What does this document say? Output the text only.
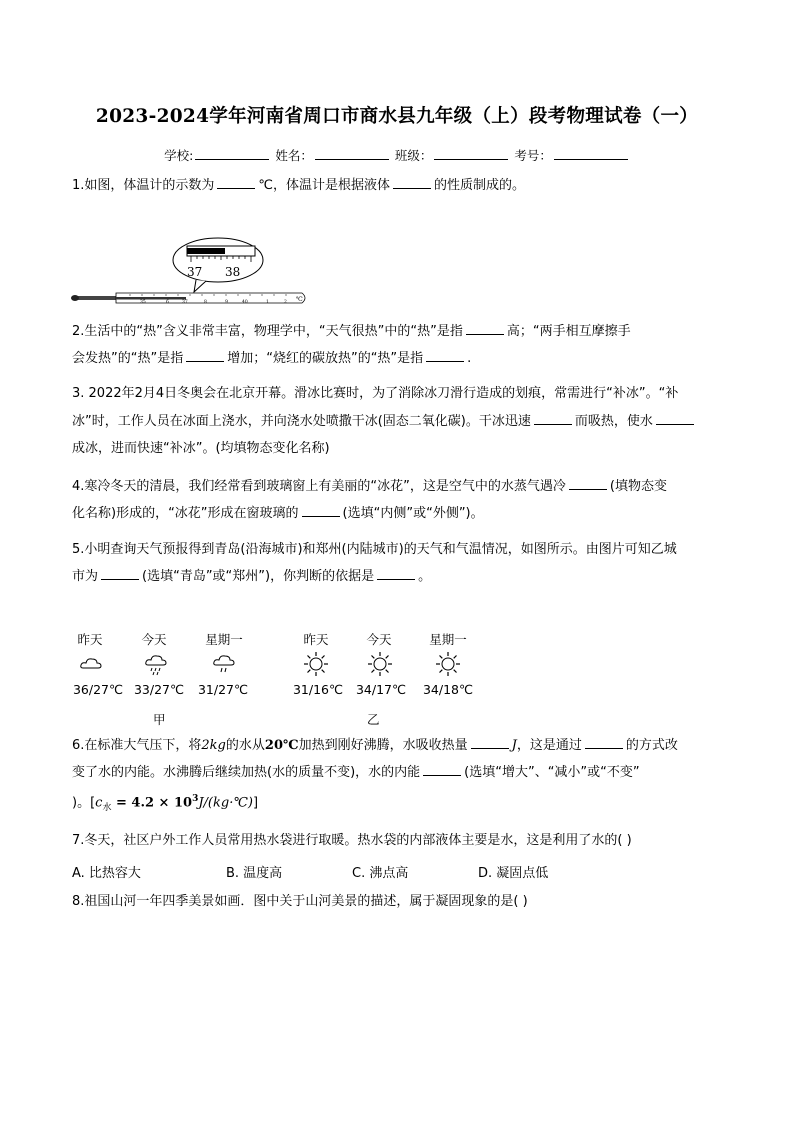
2023-2024学年河南省周口市商水县九年级（上）段考物理试卷（一）
学校:	姓名：	班级：	考号：
1.如图，体温计的示数为	℃，体温计是根据液体	的性质制成的。
37 38
35	6	37	8	9	40	1	2 ℃
2.生活中的“热”含义非常丰富，物理学中，“天气很热”中的“热”是指	高；“两手相互摩擦手
会发热”的“热”是指	增加；“烧红的碳放热”的“热”是指	.
3. 2022年2月4日冬奥会在北京开幕。滑冰比赛时，为了消除冰刀滑行造成的划痕，常需进行“补冰”。“补
冰”时，工作人员在冰面上浇水，并向浇水处喷撒干冰(固态二氧化碳)。干冰迅速	而吸热，使水
成冰，进而快速“补冰”。(均填物态变化名称)
4.寒冷冬天的清晨，我们经常看到玻璃窗上有美丽的“冰花”，这是空气中的水蒸气遇冷	(填物态变
化名称)形成的，“冰花”形成在窗玻璃的	(选填“内侧”或“外侧”)。
5.小明查询天气预报得到青岛(沿海城市)和郑州(内陆城市)的天气和气温情况，如图所示。由图片可知乙城
市为	(选填“青岛”或“郑州”)，你判断的依据是	。
昨天	今天	星期一
36/27℃ 33/27℃ 31/27℃
甲
昨天	今天	星期一
31/16℃ 34/17℃ 34/18℃
乙
6.在标准大气压下，将2kg的水从20℃加热到刚好沸腾，水吸收热量	J，这是通过	的方式改
变了水的内能。水沸腾后继续加热(水的质量不变)，水的内能	(选填“增大”、“减小”或“不变”
)。[$c_水 = 4.2$ × $10^3J/(kg\cdot℃)$]
7.冬天，社区户外工作人员常用热水袋进行取暖。热水袋的内部液体主要是水，这是利用了水的( )
A. 比热容大	B. 温度高	C. 沸点高	D. 凝固点低
8.祖国山河一年四季美景如画．图中关于山河美景的描述，属于凝固现象的是( )
